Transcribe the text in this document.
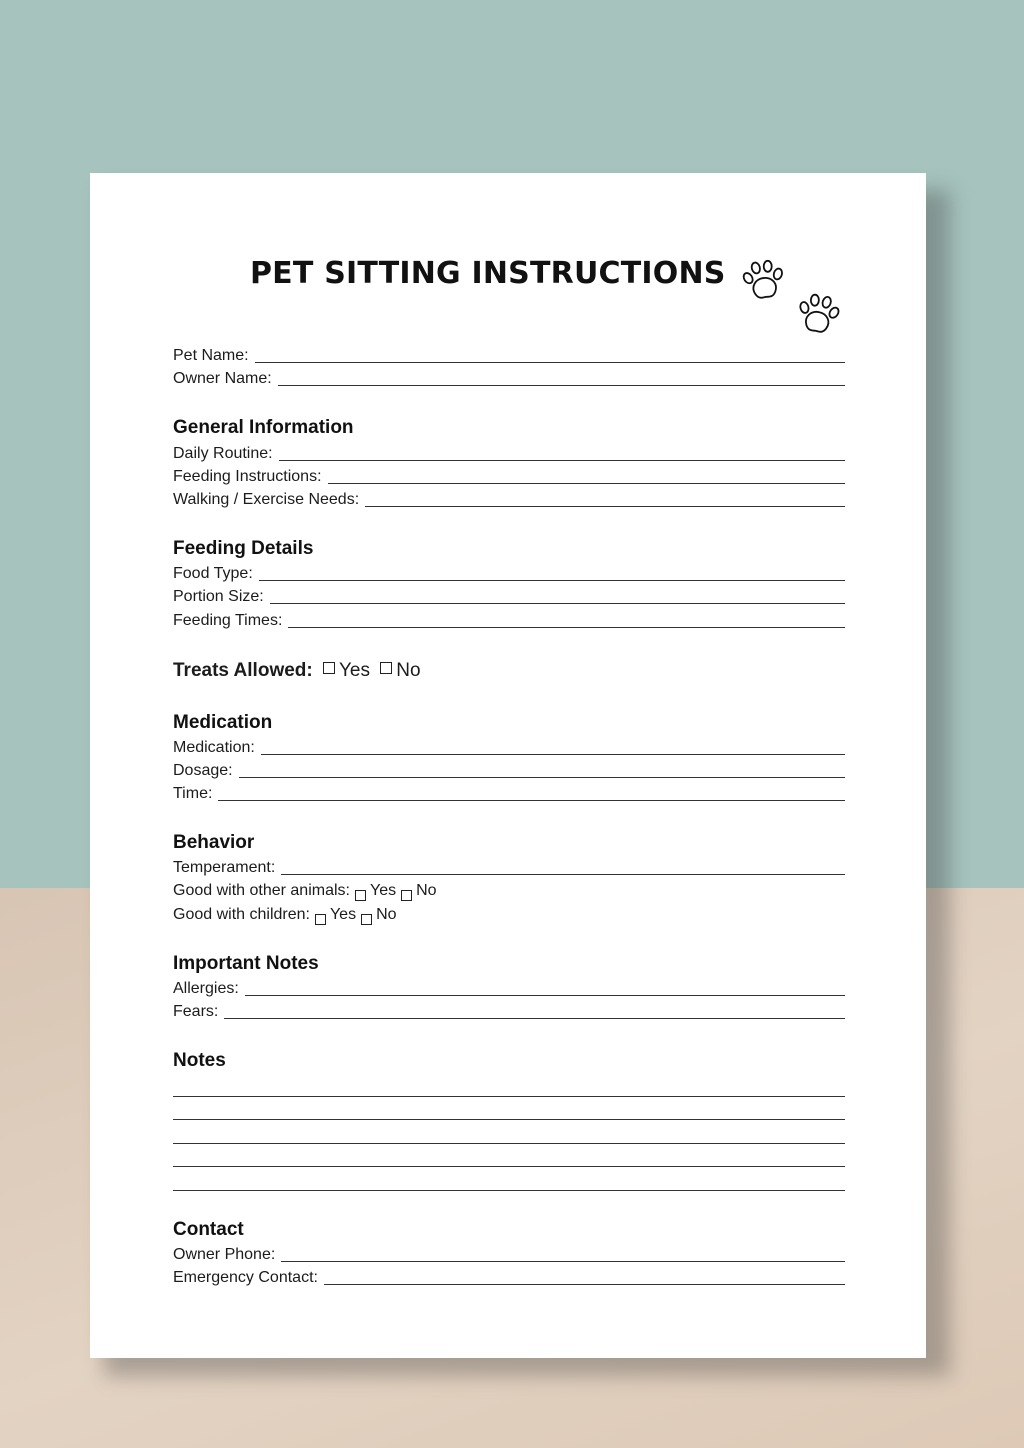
PET SITTING INSTRUCTIONS
Pet Name:
Owner Name:
General Information
Daily Routine:
Feeding Instructions:
Walking / Exercise Needs:
Feeding Details
Food Type:
Portion Size:
Feeding Times:
Treats Allowed: Yes No
Medication
Medication:
Dosage:
Time:
Behavior
Temperament:
Good with other animals: Yes No
Good with children: Yes No
Important Notes
Allergies:
Fears:
Notes
Contact
Owner Phone:
Emergency Contact:
